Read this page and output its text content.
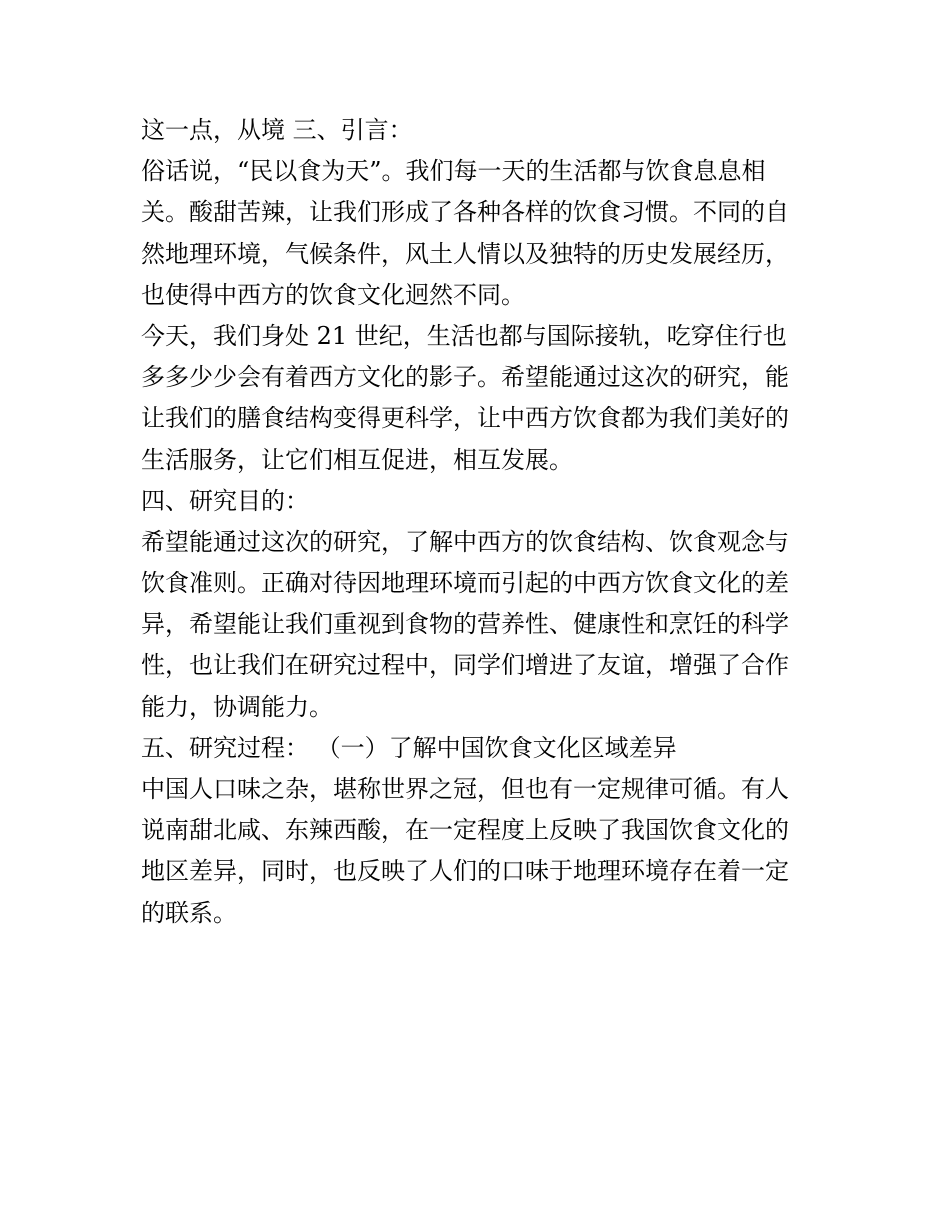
这一点，从境 三、引言：
俗话说，“民以食为天”。我们每一天的生活都与饮食息息相
关。酸甜苦辣，让我们形成了各种各样的饮食习惯。不同的自
然地理环境，气候条件，风土人情以及独特的历史发展经历，
也使得中西方的饮食文化迥然不同。
今天，我们身处 21 世纪，生活也都与国际接轨，吃穿住行也
多多少少会有着西方文化的影子。希望能通过这次的研究，能
让我们的膳食结构变得更科学，让中西方饮食都为我们美好的
生活服务，让它们相互促进，相互发展。
四、研究目的：
希望能通过这次的研究，了解中西方的饮食结构、饮食观念与
饮食准则。正确对待因地理环境而引起的中西方饮食文化的差
异，希望能让我们重视到食物的营养性、健康性和烹饪的科学
性，也让我们在研究过程中，同学们增进了友谊，增强了合作
能力，协调能力。
五、研究过程： （一）了解中国饮食文化区域差异
中国人口味之杂，堪称世界之冠，但也有一定规律可循。有人
说南甜北咸、东辣西酸，在一定程度上反映了我国饮食文化的
地区差异，同时，也反映了人们的口味于地理环境存在着一定
的联系。
